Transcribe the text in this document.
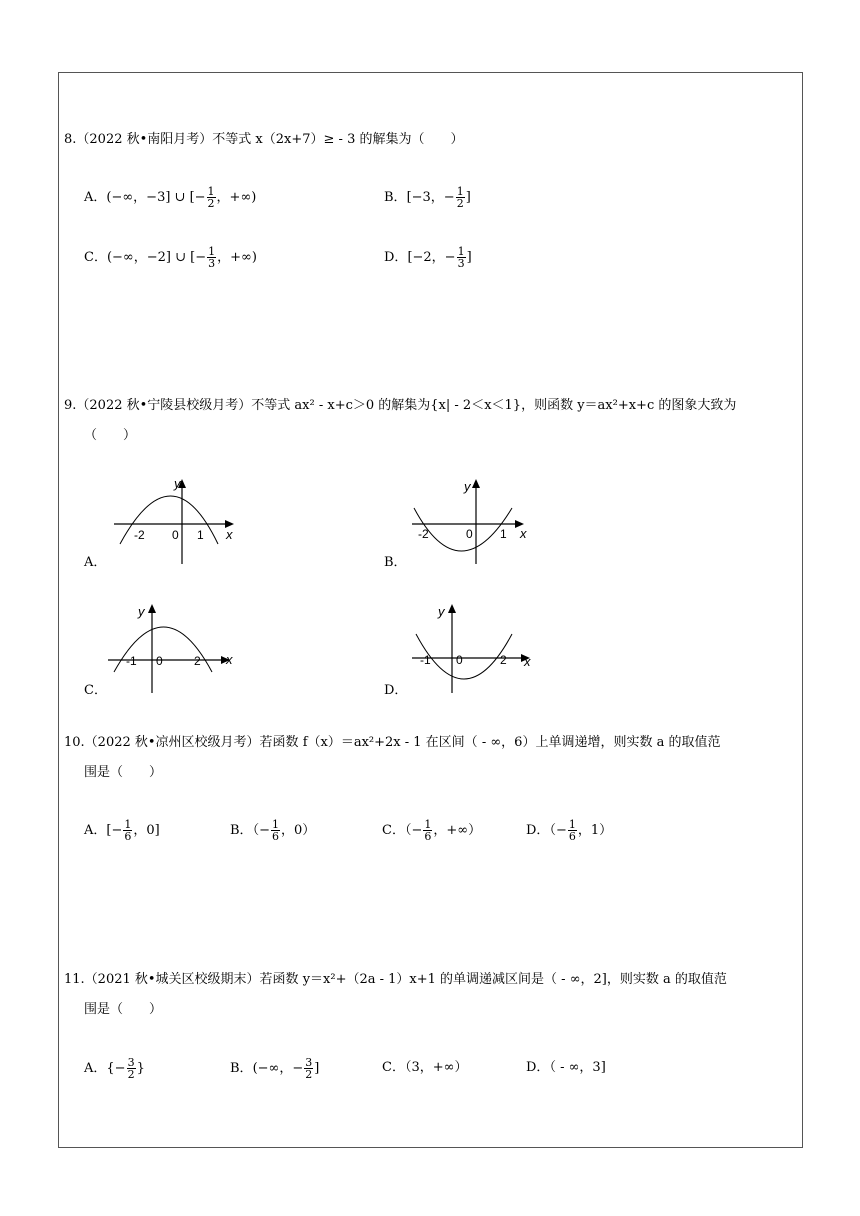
8.（2022 秋•南阳月考）不等式 x（2x+7）≥ - 3 的解集为（　　）
A．(−∞，−3] ∪ [− $\frac{1}{2}$ ，+∞)	B．[−3，− $\frac{1}{2}$ ]
C．(−∞，−2] ∪ [− $\frac{1}{3}$ ，+∞)	D．[−2，− $\frac{1}{3}$ ]
9.（2022 秋•宁陵县校级月考）不等式 ax² - x+c＞0 的解集为{x| - 2＜x＜1}，则函数 y＝ax²+x+c 的图象大致为
（　　）
y
x
-2 0 1
A．
y
x
-2	0 1
B．
y
x
-1 0	2
C．
y
x
-1 0	2
D．
10.（2022 秋•凉州区校级月考）若函数 f（x）＝ax²+2x - 1 在区间（ - ∞，6）上单调递增，则实数 a 的取值范
围是（　　）
A．[− $\frac{1}{6}$ ，0]	B．（− $\frac{1}{6}$ ，0）	C．（− $\frac{1}{6}$ ，+∞）	D．（− $\frac{1}{6}$ ，1）
11.（2021 秋•城关区校级期末）若函数 y＝x²+（2a - 1）x+1 的单调递减区间是（ - ∞，2]，则实数 a 的取值范
围是（　　）
A．{− $\frac{3}{2}$ }	B．(−∞，− $\frac{3}{2}$ ]	C．（3，+∞）	D．（ - ∞，3]
